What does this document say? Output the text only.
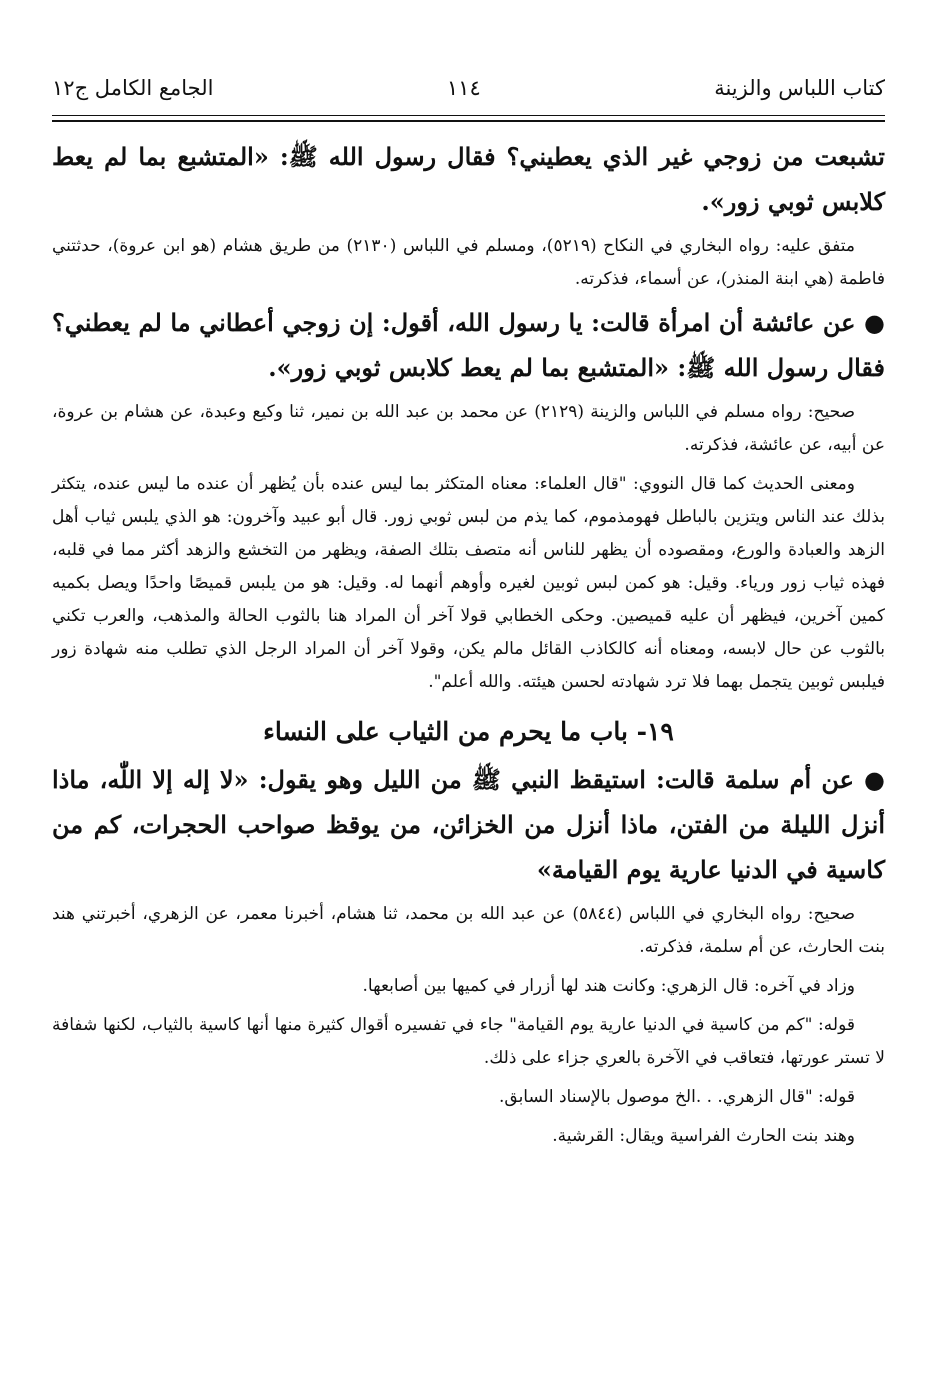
كتاب اللباس والزينة
١١٤
الجامع الكامل ج١٢

تشبعت من زوجي غير الذي يعطيني؟ فقال رسول الله ﷺ: «المتشبع بما لم يعط كلابس ثوبي زور».

متفق عليه: رواه البخاري في النكاح (٥٢١٩)، ومسلم في اللباس (٢١٣٠) من طريق هشام (هو ابن عروة)، حدثتني فاطمة (هي ابنة المنذر)، عن أسماء، فذكرته.

● عن عائشة أن امرأة قالت: يا رسول الله، أقول: إن زوجي أعطاني ما لم يعطني؟ فقال رسول الله ﷺ: «المتشبع بما لم يعط كلابس ثوبي زور».

صحيح: رواه مسلم في اللباس والزينة (٢١٢٩) عن محمد بن عبد الله بن نمير، ثنا وكيع وعبدة، عن هشام بن عروة، عن أبيه، عن عائشة، فذكرته.

ومعنى الحديث كما قال النووي: "قال العلماء: معناه المتكثر بما ليس عنده بأن يُظهر أن عنده ما ليس عنده، يتكثر بذلك عند الناس ويتزين بالباطل فهومذموم، كما يذم من لبس ثوبي زور. قال أبو عبيد وآخرون: هو الذي يلبس ثياب أهل الزهد والعبادة والورع، ومقصوده أن يظهر للناس أنه متصف بتلك الصفة، ويظهر من التخشع والزهد أكثر مما في قلبه، فهذه ثياب زور ورياء. وقيل: هو كمن لبس ثوبين لغيره وأوهم أنهما له. وقيل: هو من يلبس قميصًا واحدًا ويصل بكميه كمين آخرين، فيظهر أن عليه قميصين. وحكى الخطابي قولا آخر أن المراد هنا بالثوب الحالة والمذهب، والعرب تكني بالثوب عن حال لابسه، ومعناه أنه كالكاذب القائل مالم يكن، وقولا آخر أن المراد الرجل الذي تطلب منه شهادة زور فيلبس ثوبين يتجمل بهما فلا ترد شهادته لحسن هيئته. والله أعلم".

١٩- باب ما يحرم من الثياب على النساء

● عن أم سلمة قالت: استيقظ النبي ﷺ من الليل وهو يقول: «لا إله إلا اللّٰه، ماذا أنزل الليلة من الفتن، ماذا أنزل من الخزائن، من يوقظ صواحب الحجرات، كم من كاسية في الدنيا عارية يوم القيامة»

صحيح: رواه البخاري في اللباس (٥٨٤٤) عن عبد الله بن محمد، ثنا هشام، أخبرنا معمر، عن الزهري، أخبرتني هند بنت الحارث، عن أم سلمة، فذكرته.

وزاد في آخره: قال الزهري: وكانت هند لها أزرار في كميها بين أصابعها.

قوله: "كم من كاسية في الدنيا عارية يوم القيامة" جاء في تفسيره أقوال كثيرة منها أنها كاسية بالثياب، لكنها شفافة لا تستر عورتها، فتعاقب في الآخرة بالعري جزاء على ذلك.

قوله: "قال الزهري. . .الخ موصول بالإسناد السابق.

وهند بنت الحارث الفراسية ويقال: القرشية.
